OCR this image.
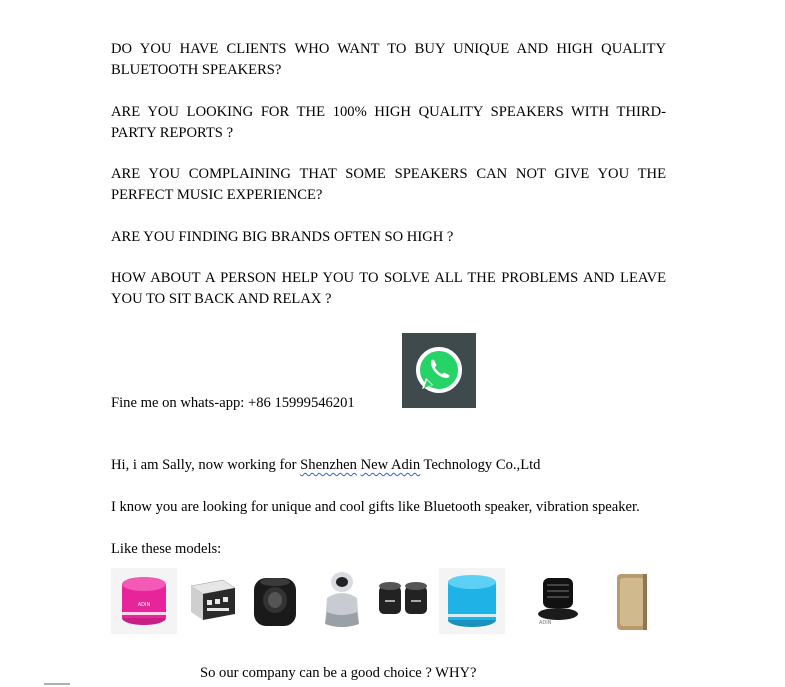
DO YOU HAVE CLIENTS WHO WANT TO BUY UNIQUE AND HIGH QUALITY BLUETOOTH SPEAKERS?

ARE YOU LOOKING FOR THE 100% HIGH QUALITY SPEAKERS WITH THIRD-PARTY REPORTS ?

ARE YOU COMPLAINING THAT SOME SPEAKERS CAN NOT GIVE YOU THE PERFECT MUSIC EXPERIENCE?

ARE YOU FINDING BIG BRANDS OFTEN SO HIGH ?

HOW ABOUT A PERSON HELP YOU TO SOLVE ALL THE PROBLEMS AND LEAVE YOU TO SIT BACK AND RELAX ?

Fine me on whats-app: +86 15999546201

Hi, i am Sally, now working for Shenzhen New Adin Technology Co.,Ltd

I know you are looking for unique and cool gifts like Bluetooth speaker, vibration speaker.

Like these models:

ADIN
ADIN

So our company can be a good choice ? WHY?
